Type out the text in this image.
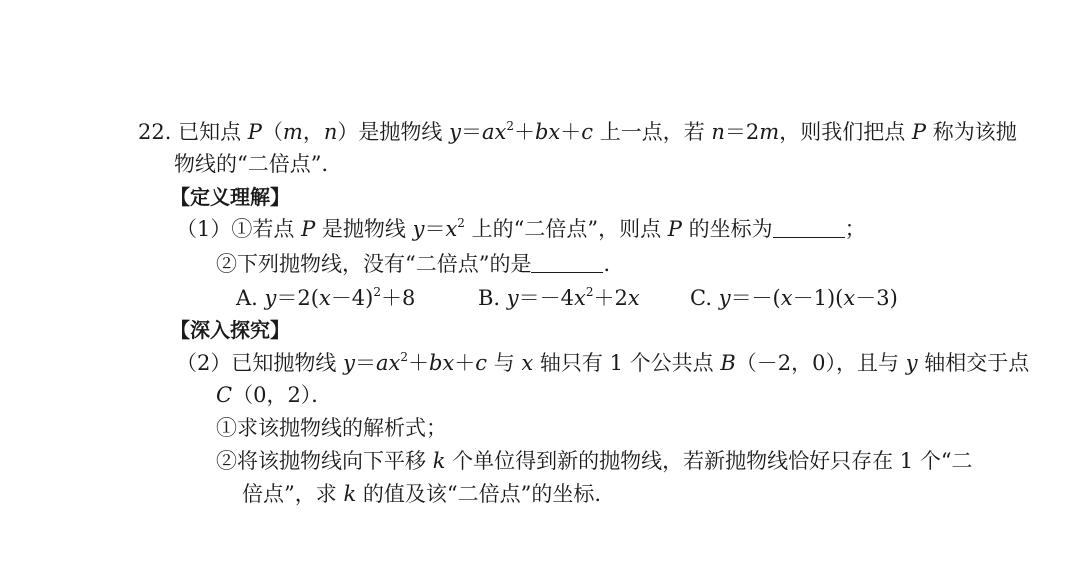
22. 已知点 P（m，n）是抛物线 $y=ax^2+bx+c$ 上一点，若 n＝2m，则我们把点 P 称为该抛
物线的“二倍点”．
【定义理解】
（1）①若点 P 是抛物线 $y=x^2$ 上的“二倍点”，则点 P 的坐标为	；
②下列抛物线，没有“二倍点”的是	．
A. $y=2(x-4)^2+8$	B. $y=-4x^2+2x$ C. y＝－(x－1)(x－3)
【深入探究】
（2）已知抛物线 $y=ax^2+bx+c$ 与 x 轴只有 1 个公共点 B（－2，0），且与 y 轴相交于点
C（0，2）．
①求该抛物线的解析式；
②将该抛物线向下平移 k 个单位得到新的抛物线，若新抛物线恰好只存在 1 个“二
倍点”，求 k 的值及该“二倍点”的坐标.
